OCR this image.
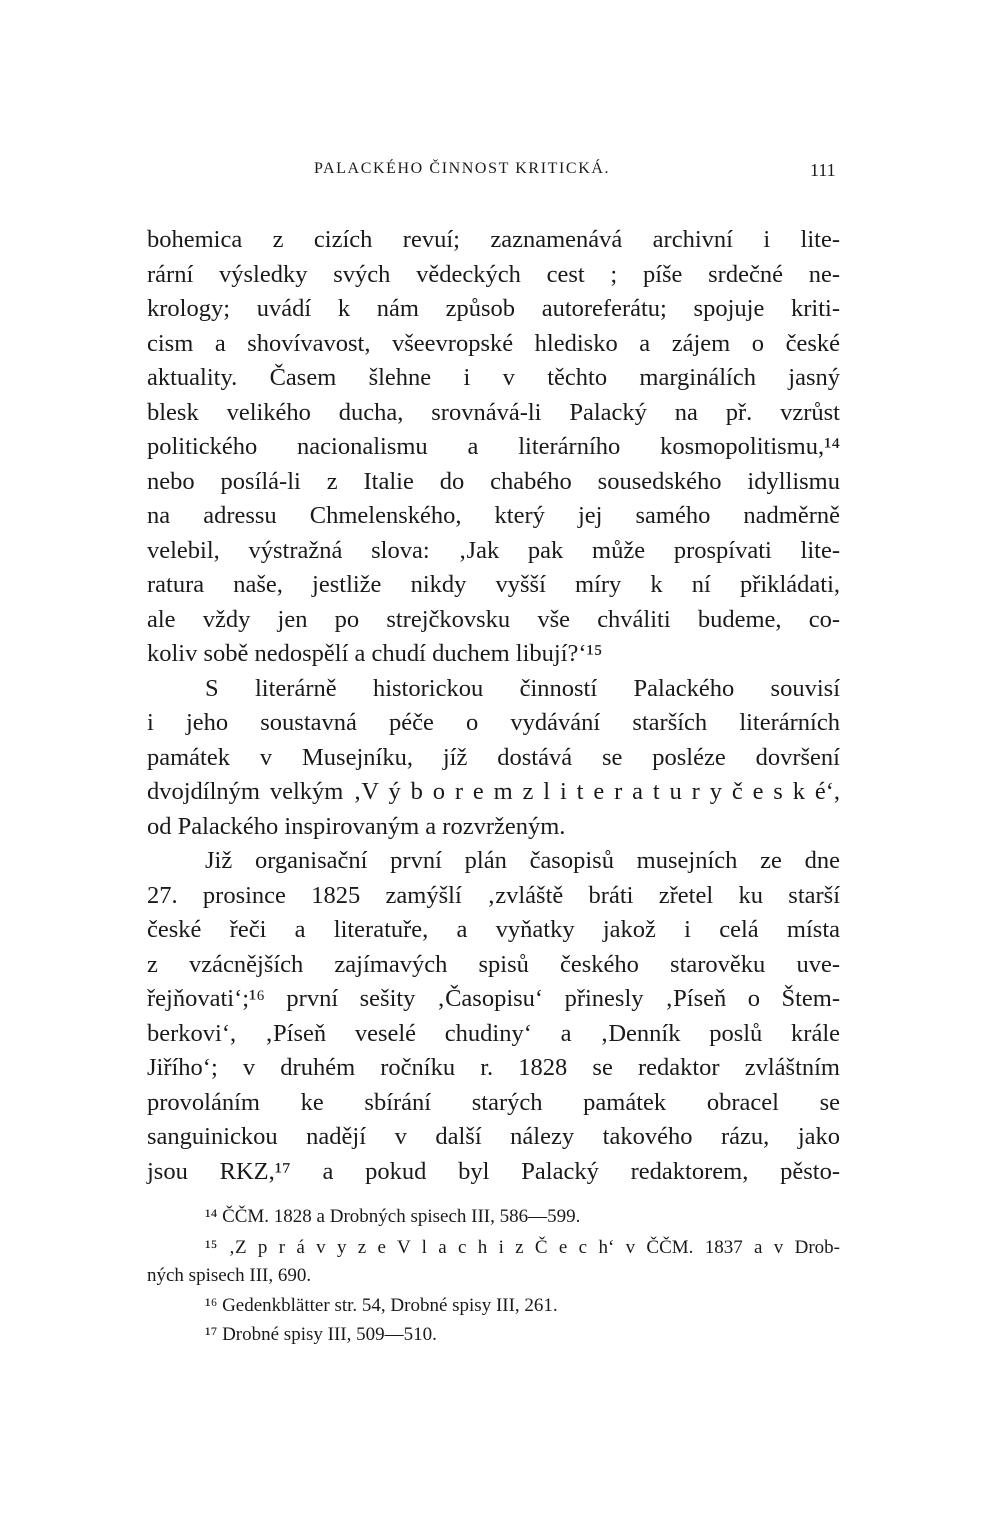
PALACKÉHO ČINNOST KRITICKÁ.	111
bohemica z cizích revuí; zaznamenává archivní i lite-
rární výsledky svých vědeckých cest ; píše srdečné ne-
krology; uvádí k nám způsob autoreferátu; spojuje kriti-
cism a shovívavost, všeevropské hledisko a zájem o české
aktuality. Časem šlehne i v těchto marginálích jasný
blesk velikého ducha, srovnává-li Palacký na př. vzrůst
politického nacionalismu a literárního kosmopolitismu,¹⁴
nebo posílá-li z Italie do chabého sousedského idyllismu
na adressu Chmelenského, který jej samého nadměrně
velebil, výstražná slova: ‚Jak pak může prospívati lite-
ratura naše, jestliže nikdy vyšší míry k ní přikládati,
ale vždy jen po strejčkovsku vše chváliti budeme, co-
koliv sobě nedospělí a chudí duchem libují?‘¹⁵
S literárně historickou činností Palackého souvisí
i jeho soustavná péče o vydávání starších literárních
památek v Musejníku, jíž dostává se posléze dovršení
dvojdílným velkým ‚V ý b o r e m z l i t e r a t u r y č e s k é‘,
od Palackého inspirovaným a rozvrženým.
Již organisační první plán časopisů musejních ze dne
27. prosince 1825 zamýšlí ‚zvláště bráti zřetel ku starší
české řeči a literatuře, a vyňatky jakož i celá místa
z vzácnějších zajímavých spisů českého starověku uve-
řejňovati‘;¹⁶ první sešity ‚Časopisu‘ přinesly ‚Píseň o Štem-
berkovi‘, ‚Píseň veselé chudiny‘ a ‚Denník poslů krále
Jiřího‘; v druhém ročníku r. 1828 se redaktor zvláštním
provoláním ke sbírání starých památek obracel se
sanguinickou nadějí v další nálezy takového rázu, jako
jsou RKZ,¹⁷ a pokud byl Palacký redaktorem, pěsto-
¹⁴ ČČM. 1828 a Drobných spisech III, 586—599.
¹⁵ ‚Z p r á v y z e V l a c h i z Č e c h‘ v ČČM. 1837 a v Drob-
ných spisech III, 690.
¹⁶ Gedenkblätter str. 54, Drobné spisy III, 261.
¹⁷ Drobné spisy III, 509—510.
